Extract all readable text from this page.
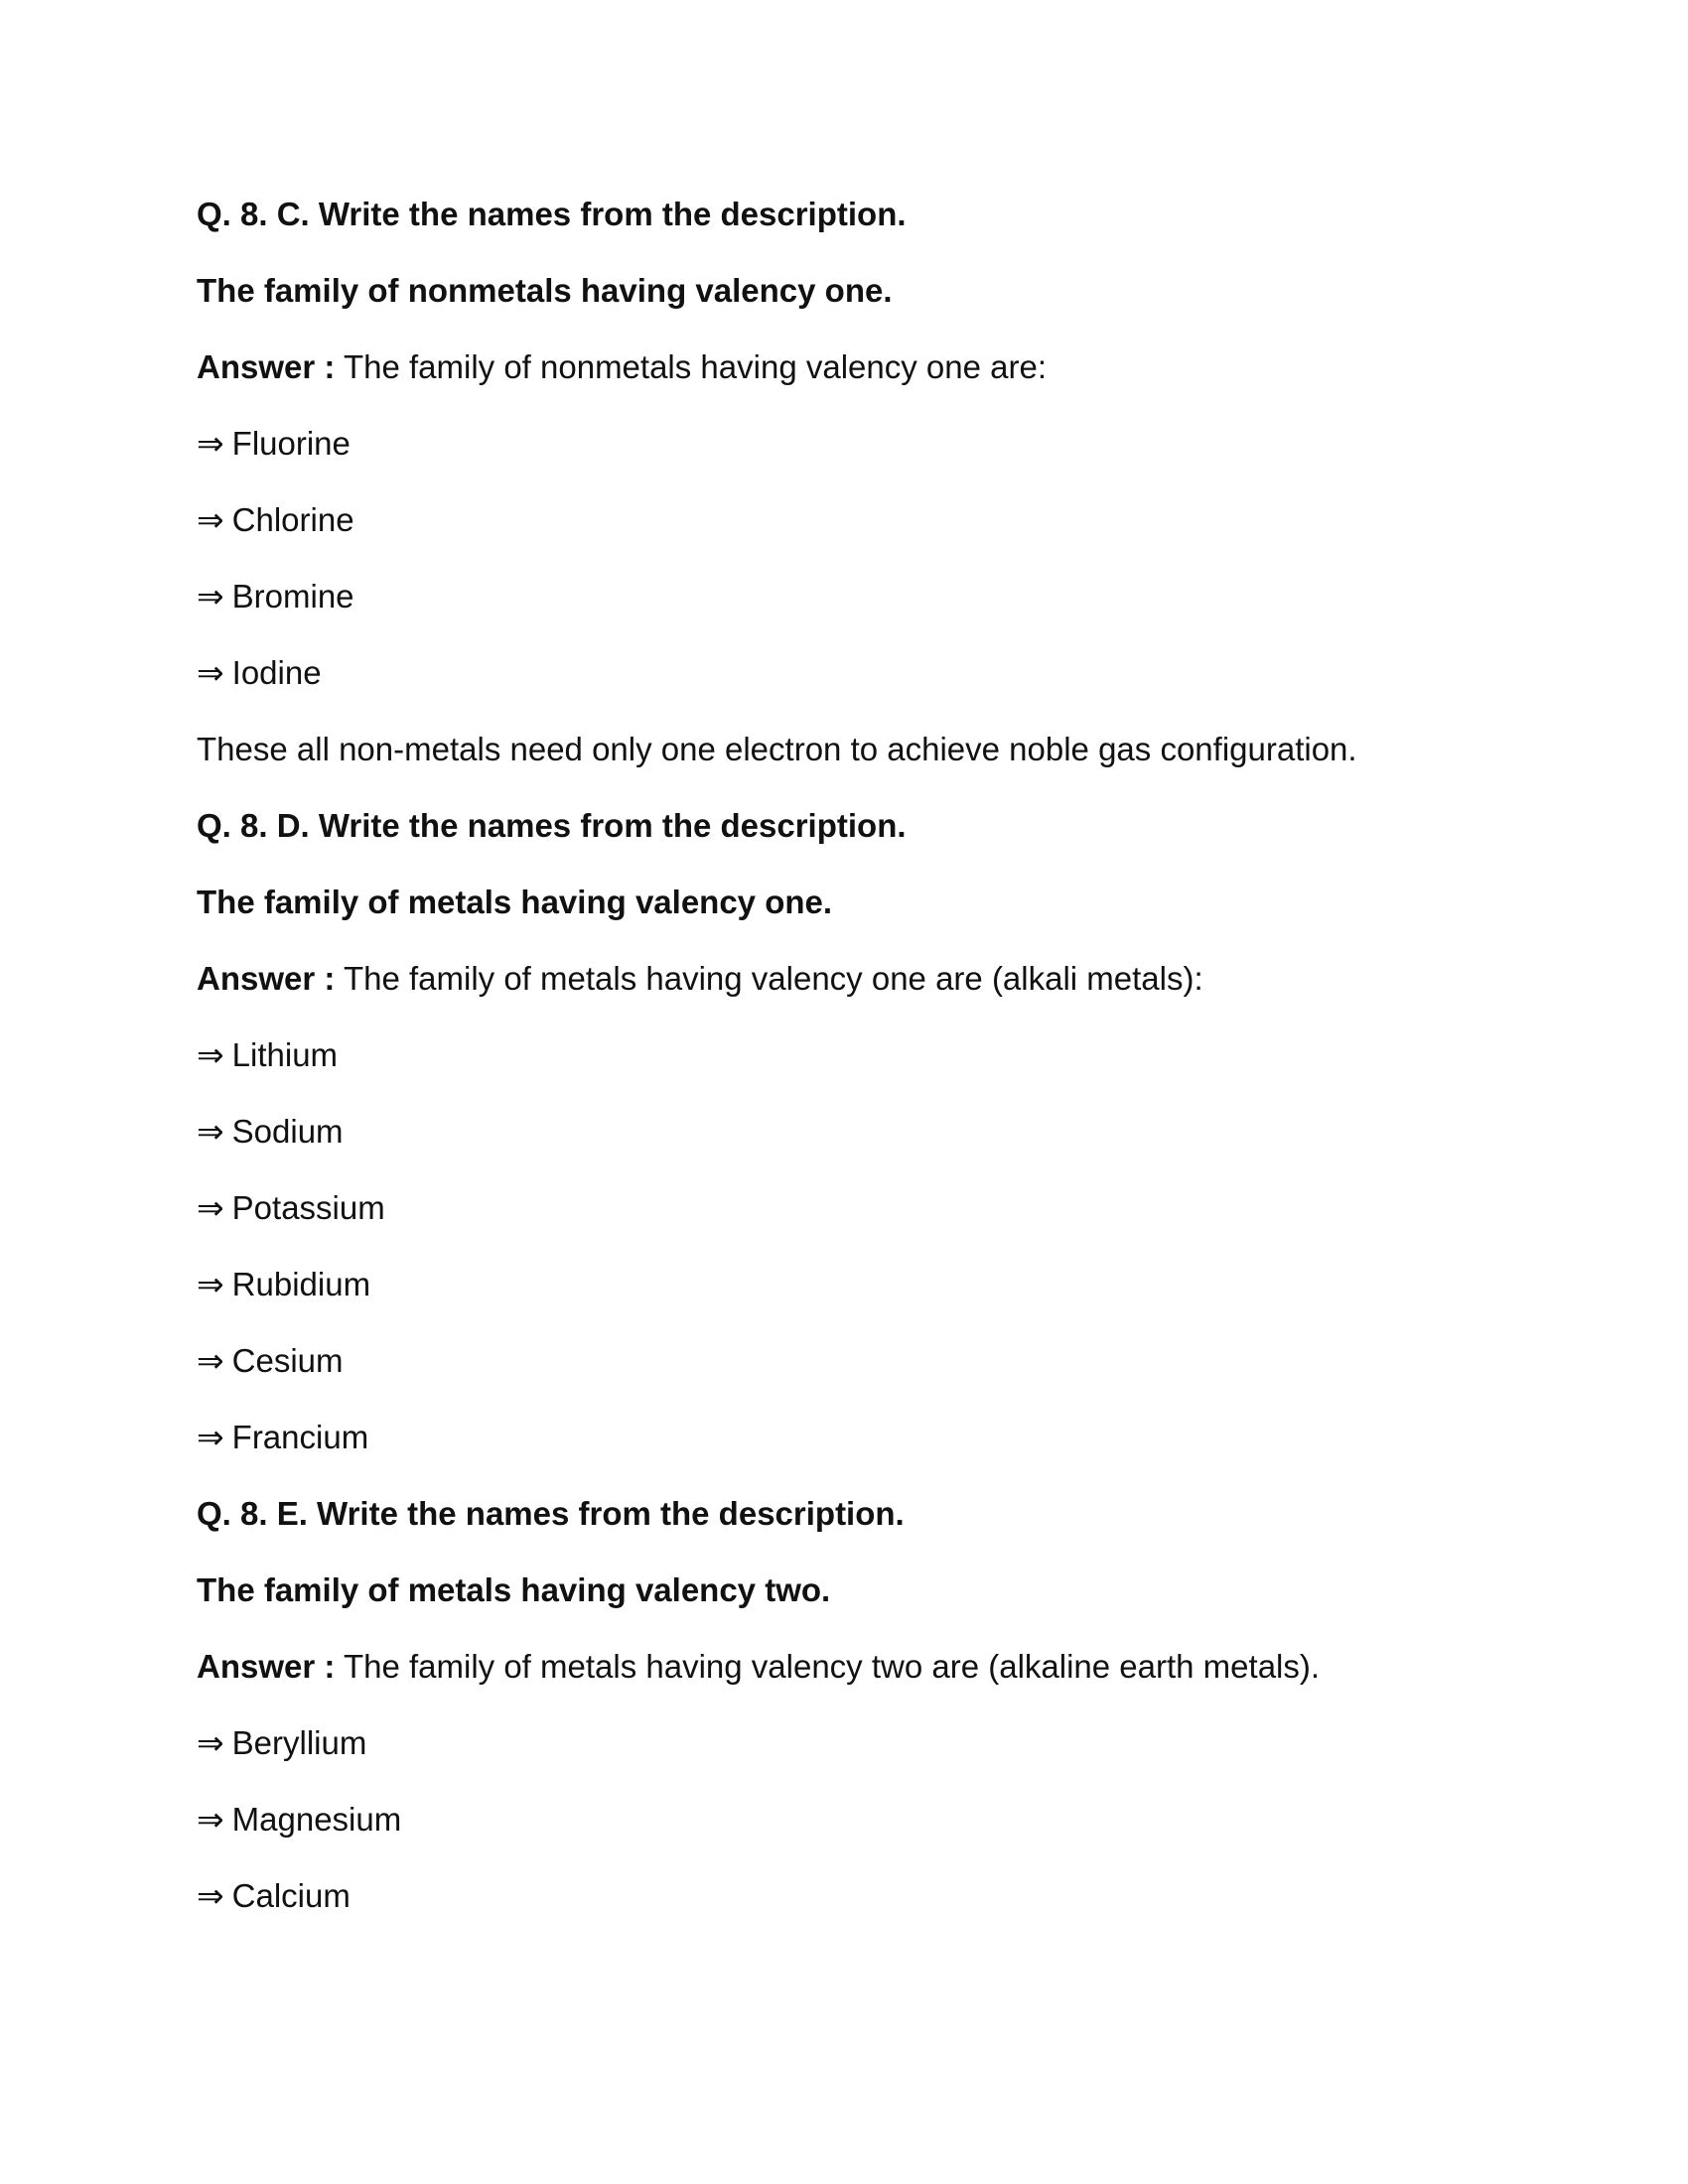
Q. 8. C. Write the names from the description.
The family of nonmetals having valency one.
Answer : The family of nonmetals having valency one are:
⇒ Fluorine
⇒ Chlorine
⇒ Bromine
⇒ Iodine
These all non-metals need only one electron to achieve noble gas configuration.
Q. 8. D. Write the names from the description.
The family of metals having valency one.
Answer : The family of metals having valency one are (alkali metals):
⇒ Lithium
⇒ Sodium
⇒ Potassium
⇒ Rubidium
⇒ Cesium
⇒ Francium
Q. 8. E. Write the names from the description.
The family of metals having valency two.
Answer : The family of metals having valency two are (alkaline earth metals).
⇒ Beryllium
⇒ Magnesium
⇒ Calcium
